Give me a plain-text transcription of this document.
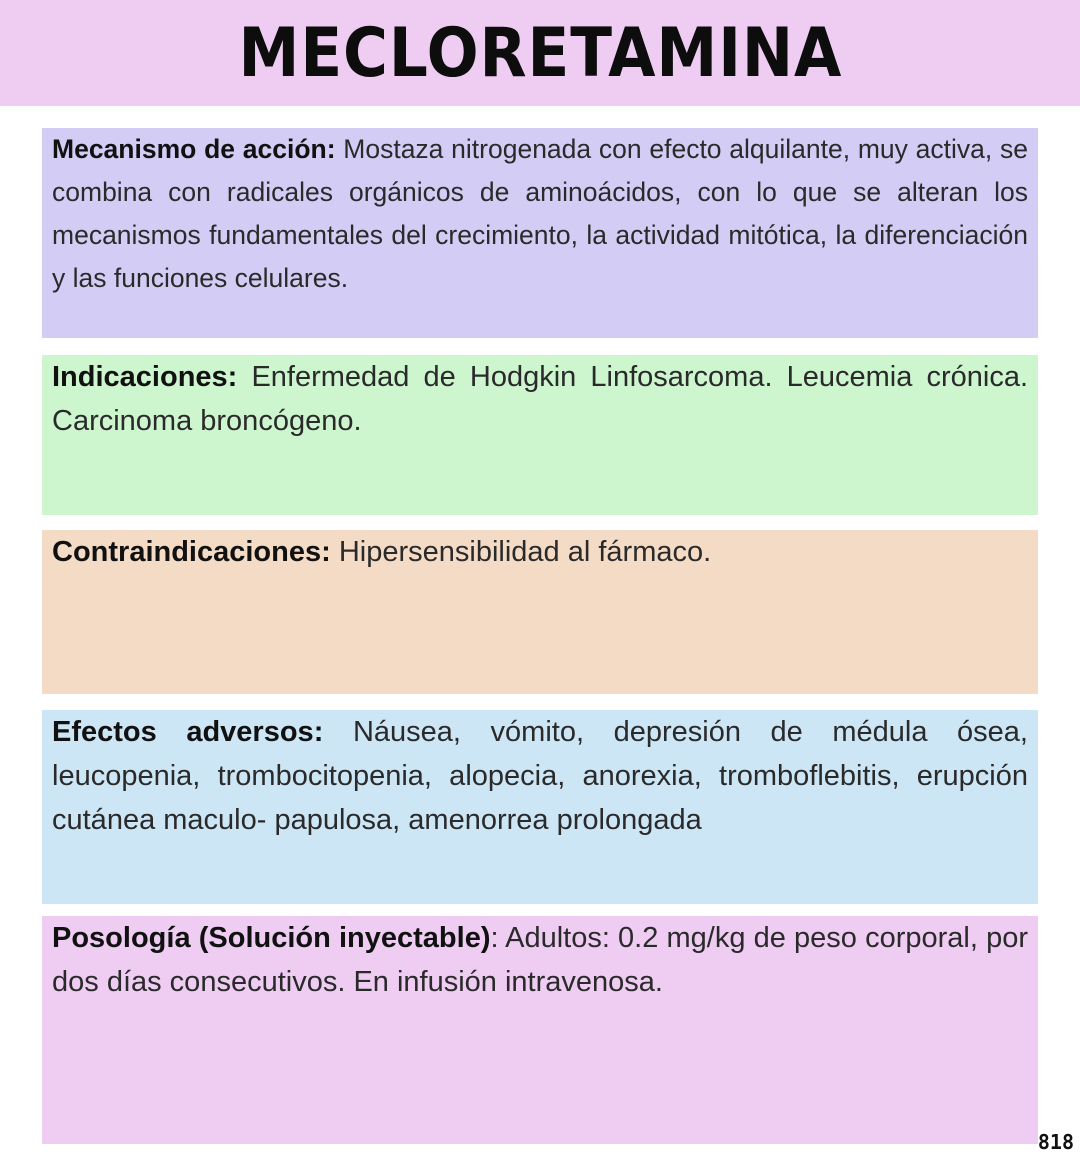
MECLORETAMINA
Mecanismo de acción: Mostaza nitrogenada con efecto alquilante, muy activa, se combina con radicales orgánicos de aminoácidos, con lo que se alteran los mecanismos fundamentales del crecimiento, la actividad mitótica, la diferenciación y las funciones celulares.
Indicaciones: Enfermedad de Hodgkin Linfosarcoma. Leucemia crónica. Carcinoma broncógeno.
Contraindicaciones: Hipersensibilidad al fármaco.
Efectos adversos: Náusea, vómito, depresión de médula ósea, leucopenia, trombocitopenia, alopecia, anorexia, tromboflebitis, erupción cutánea maculo- papulosa, amenorrea prolongada
Posología (Solución inyectable): Adultos: 0.2 mg/kg de peso corporal, por dos días consecutivos. En infusión intravenosa.
818
